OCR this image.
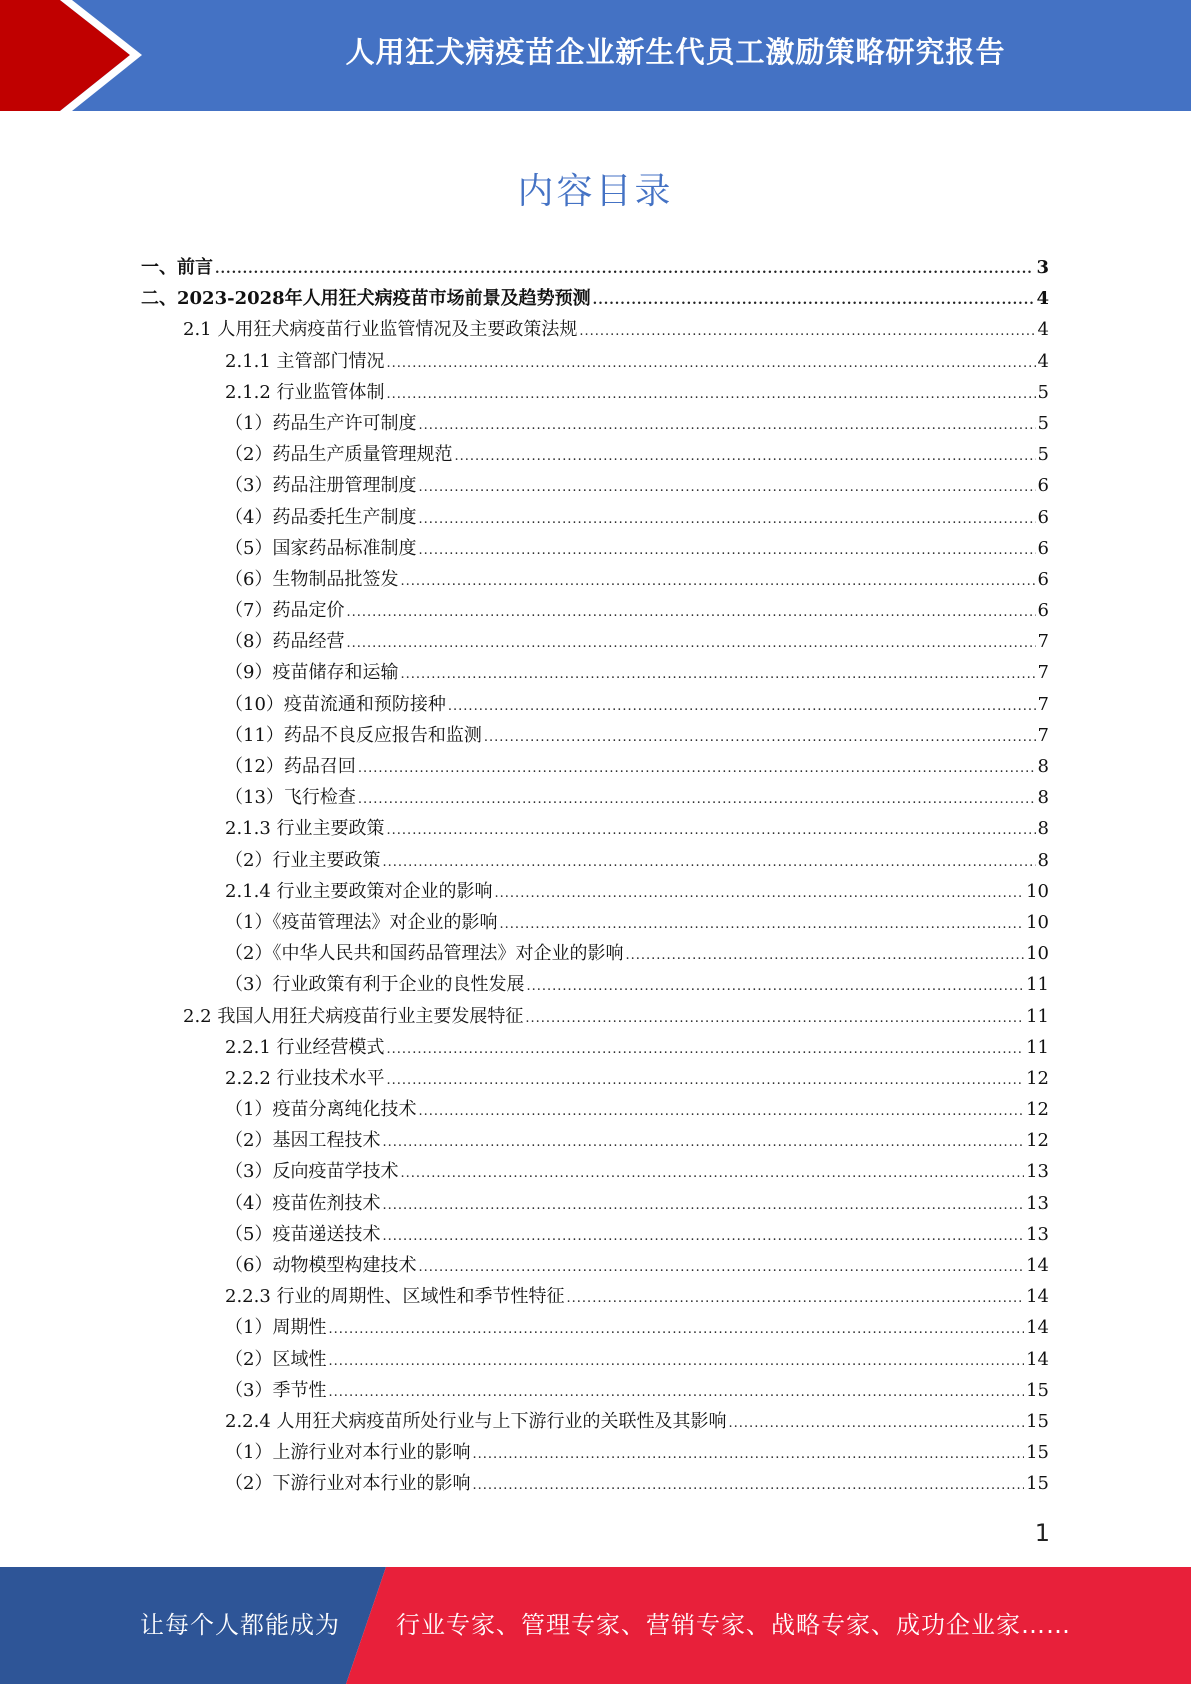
人用狂犬病疫苗企业新生代员工激励策略研究报告
内容目录
一、前言 .....	3
二、2023-2028年人用狂犬病疫苗市场前景及趋势预测 .....	4
2.1 人用狂犬病疫苗行业监管情况及主要政策法规 .....	4
2.1.1 主管部门情况 .....	4
2.1.2 行业监管体制 .....	5
（1）药品生产许可制度 .....	5
（2）药品生产质量管理规范 .....	5
（3）药品注册管理制度 .....	6
（4）药品委托生产制度 .....	6
（5）国家药品标准制度 .....	6
（6）生物制品批签发 .....	6
（7）药品定价 .....	6
（8）药品经营 .....	7
（9）疫苗储存和运输 .....	7
（10）疫苗流通和预防接种 .....	7
（11）药品不良反应报告和监测 .....	7
（12）药品召回 .....	8
（13）飞行检查 .....	8
2.1.3 行业主要政策 .....	8
（2）行业主要政策 .....	8
2.1.4 行业主要政策对企业的影响 .....	10
（1）《疫苗管理法》对企业的影响 .....	10
（2）《中华人民共和国药品管理法》对企业的影响 .....	10
（3）行业政策有利于企业的良性发展 .....	11
2.2 我国人用狂犬病疫苗行业主要发展特征 .....	11
2.2.1 行业经营模式 .....	11
2.2.2 行业技术水平 .....	12
（1）疫苗分离纯化技术 .....	12
（2）基因工程技术 .....	12
（3）反向疫苗学技术 .....	13
（4）疫苗佐剂技术 .....	13
（5）疫苗递送技术 .....	13
（6）动物模型构建技术 .....	14
2.2.3 行业的周期性、区域性和季节性特征 .....	14
（1）周期性 .....	14
（2）区域性 .....	14
（3）季节性 .....	15
2.2.4 人用狂犬病疫苗所处行业与上下游行业的关联性及其影响 .....	15
（1）上游行业对本行业的影响 .....	15
（2）下游行业对本行业的影响 .....	15
1
让每个人都能成为 行业专家、管理专家、营销专家、战略专家、成功企业家……
